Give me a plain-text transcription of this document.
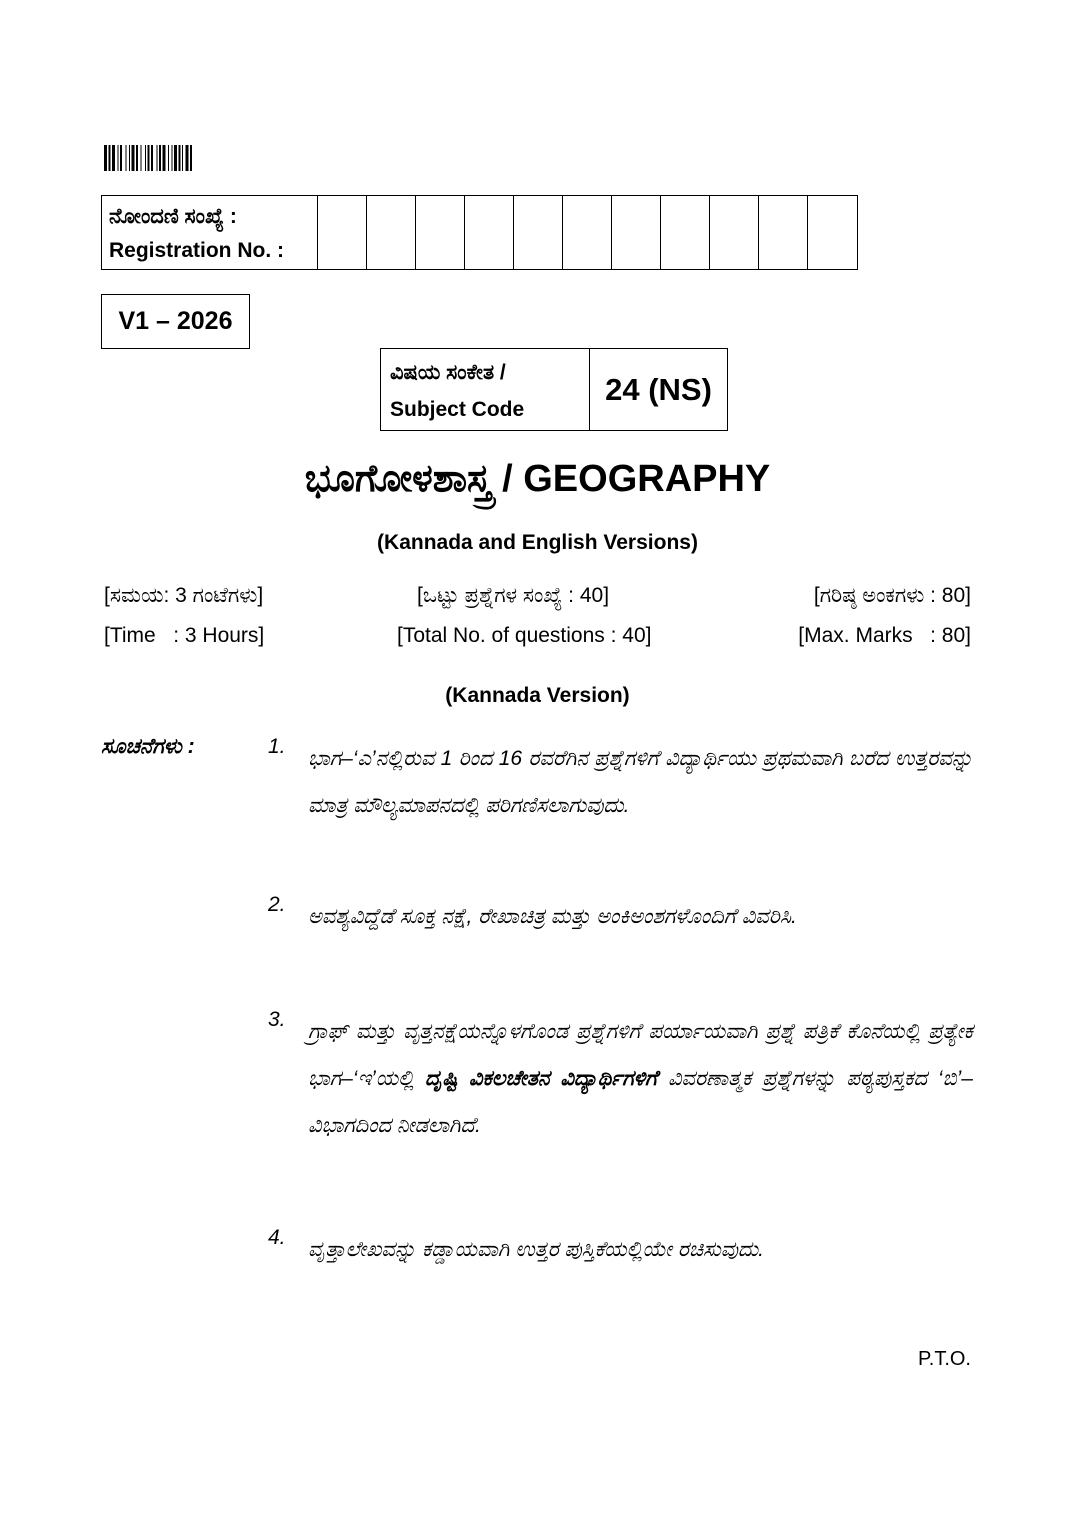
ನೋಂದಣಿ ಸಂಖ್ಯೆ :
Registration No. :
V1 – 2026
ವಿಷಯ ಸಂಕೇತ /
Subject Code
24 (NS)
ಭೂಗೋಳಶಾಸ್ತ್ರ / GEOGRAPHY
(Kannada and English Versions)
[ಸಮಯ: 3 ಗಂಟೆಗಳು]	[ಒಟ್ಟು ಪ್ರಶ್ನೆಗಳ ಸಂಖ್ಯೆ : 40]	[ಗರಿಷ್ಠ ಅಂಕಗಳು : 80]
[Time   : 3 Hours]	[Total No. of questions : 40]	[Max. Marks   : 80]
(Kannada Version)
ಸೂಚನೆಗಳು :	1.
ಭಾಗ–‘ಎ’ನಲ್ಲಿರುವ 1 ರಿಂದ 16 ರವರೆಗಿನ ಪ್ರಶ್ನೆಗಳಿಗೆ ವಿದ್ಯಾರ್ಥಿಯು ಪ್ರಥಮವಾಗಿ ಬರೆದ ಉತ್ತರವನ್ನು ಮಾತ್ರ ಮೌಲ್ಯಮಾಪನದಲ್ಲಿ ಪರಿಗಣಿಸಲಾಗುವುದು.
2.
ಅವಶ್ಯವಿದ್ದೆಡೆ ಸೂಕ್ತ ನಕ್ಷೆ, ರೇಖಾಚಿತ್ರ ಮತ್ತು ಅಂಕಿಅಂಶಗಳೊಂದಿಗೆ ವಿವರಿಸಿ.
3.
ಗ್ರಾಫ್ ಮತ್ತು ವೃತ್ತನಕ್ಷೆಯನ್ನೊಳಗೊಂಡ ಪ್ರಶ್ನೆಗಳಿಗೆ ಪರ್ಯಾಯವಾಗಿ ಪ್ರಶ್ನೆ ಪತ್ರಿಕೆ ಕೊನೆಯಲ್ಲಿ ಪ್ರತ್ಯೇಕ ಭಾಗ–‘ಇ’ಯಲ್ಲಿ ದೃಷ್ಟಿ ವಿಕಲಚೇತನ ವಿದ್ಯಾರ್ಥಿಗಳಿಗೆ ವಿವರಣಾತ್ಮಕ ಪ್ರಶ್ನೆಗಳನ್ನು ಪಠ್ಯಪುಸ್ತಕದ ‘ಬಿ’–ವಿಭಾಗದಿಂದ ನೀಡಲಾಗಿದೆ.
4.
ವೃತ್ತಾಲೇಖವನ್ನು ಕಡ್ಡಾಯವಾಗಿ ಉತ್ತರ ಪುಸ್ತಿಕೆಯಲ್ಲಿಯೇ ರಚಿಸುವುದು.
P.T.O.
